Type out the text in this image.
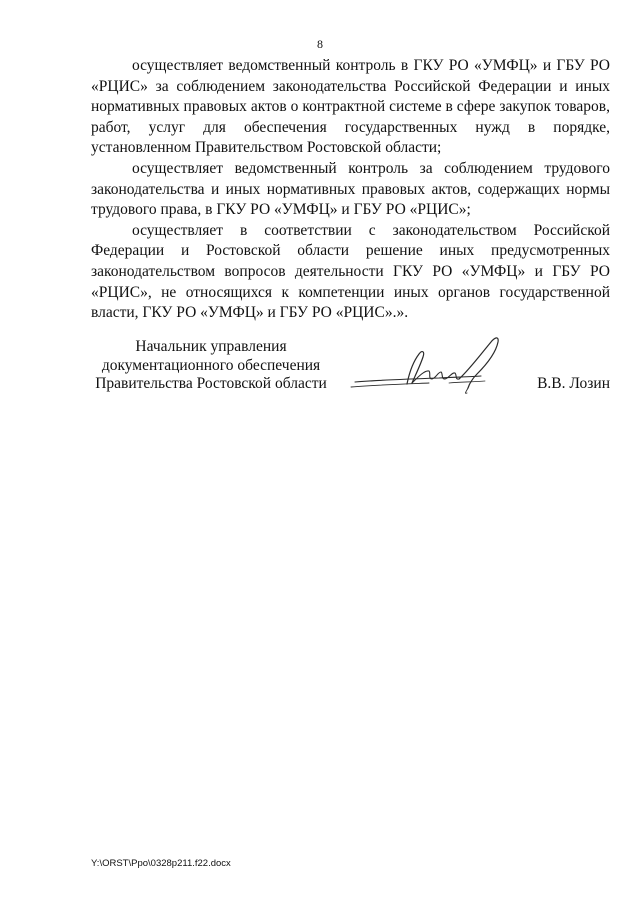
8

осуществляет ведомственный контроль в ГКУ РО «УМФЦ» и ГБУ РО «РЦИС» за соблюдением законодательства Российской Федерации и иных нормативных правовых актов о контрактной системе в сфере закупок товаров, работ, услуг для обеспечения государственных нужд в порядке, установленном Правительством Ростовской области;

осуществляет ведомственный контроль за соблюдением трудового законодательства и иных нормативных правовых актов, содержащих нормы трудового права, в ГКУ РО «УМФЦ» и ГБУ РО «РЦИС»;

осуществляет в соответствии с законодательством Российской Федерации и Ростовской области решение иных предусмотренных законодательством вопросов деятельности ГКУ РО «УМФЦ» и ГБУ РО «РЦИС», не относящихся к компетенции иных органов государственной власти, ГКУ РО «УМФЦ» и ГБУ РО «РЦИС».».

Начальник управления
документационного обеспечения
Правительства Ростовской области	В.В. Лозин
Y:\ORST\Ppo\0328p211.f22.docx
